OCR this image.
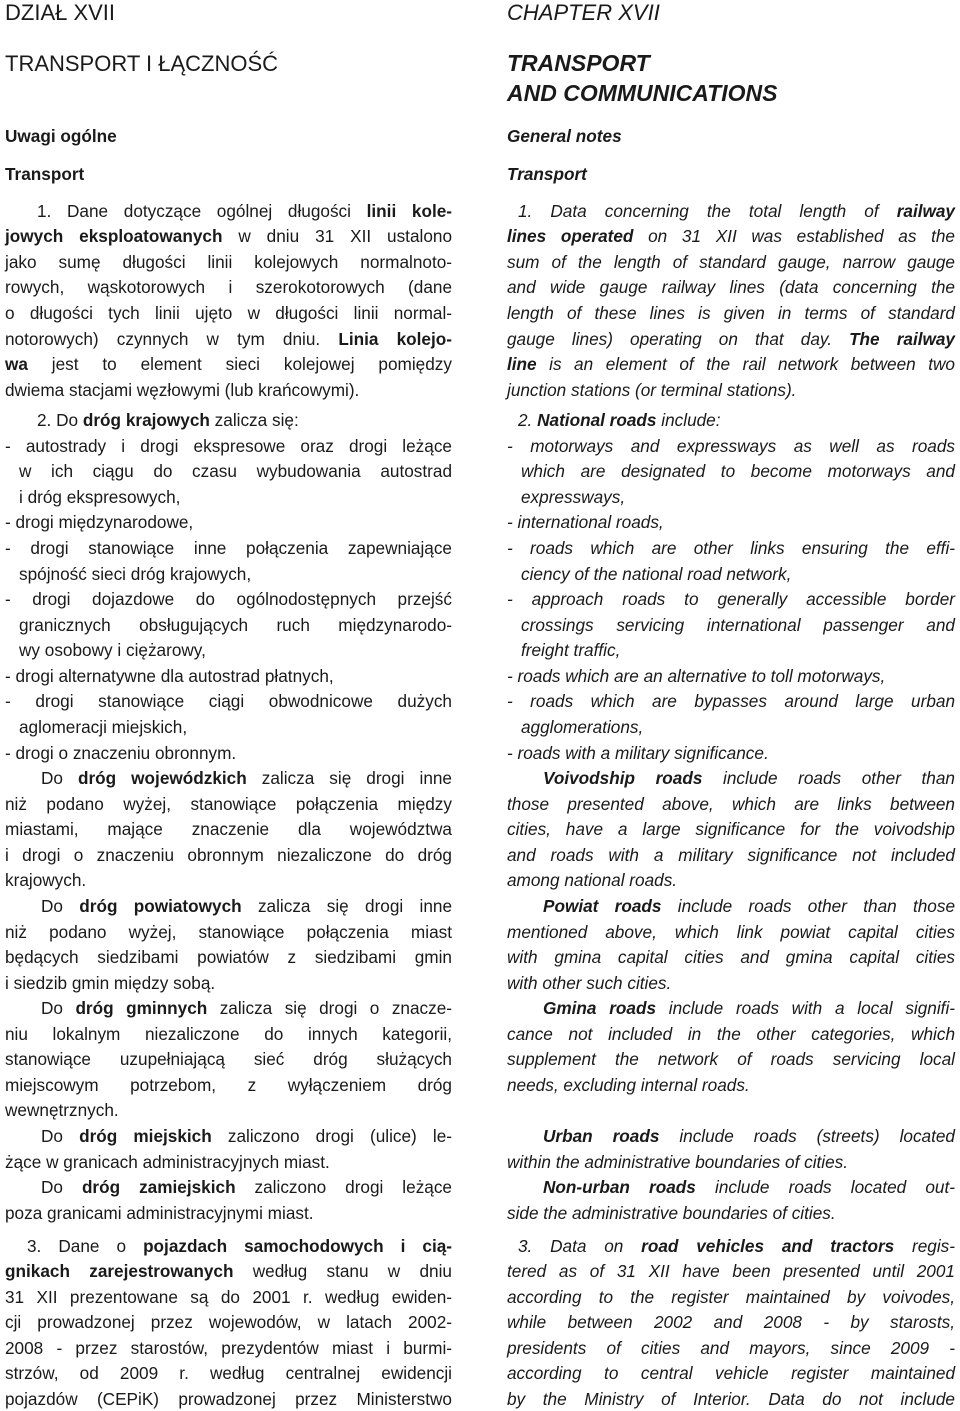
DZIAŁ XVII
TRANSPORT I ŁĄCZNOŚĆ
Uwagi ogólne
Transport
1. Dane dotyczące ogólnej długości linii kole-
jowych eksploatowanych w dniu 31 XII ustalono
jako sumę długości linii kolejowych normalnoto-
rowych, wąskotorowych i szerokotorowych (dane
o długości tych linii ujęto w długości linii normal-
notorowych) czynnych w tym dniu. Linia kolejo-
wa jest to element sieci kolejowej pomiędzy
dwiema stacjami węzłowymi (lub krańcowymi).
2. Do dróg krajowych zalicza się:
- autostrady i drogi ekspresowe oraz drogi leżące
w ich ciągu do czasu wybudowania autostrad
i dróg ekspresowych,
- drogi międzynarodowe,
- drogi stanowiące inne połączenia zapewniające
spójność sieci dróg krajowych,
- drogi dojazdowe do ogólnodostępnych przejść
granicznych obsługujących ruch międzynarodo-
wy osobowy i ciężarowy,
- drogi alternatywne dla autostrad płatnych,
- drogi stanowiące ciągi obwodnicowe dużych
aglomeracji miejskich,
- drogi o znaczeniu obronnym.
Do dróg wojewódzkich zalicza się drogi inne
niż podano wyżej, stanowiące połączenia między
miastami, mające znaczenie dla województwa
i drogi o znaczeniu obronnym niezaliczone do dróg
krajowych.
Do dróg powiatowych zalicza się drogi inne
niż podano wyżej, stanowiące połączenia miast
będących siedzibami powiatów z siedzibami gmin
i siedzib gmin między sobą.
Do dróg gminnych zalicza się drogi o znacze-
niu lokalnym niezaliczone do innych kategorii,
stanowiące uzupełniającą sieć dróg służących
miejscowym potrzebom, z wyłączeniem dróg
wewnętrznych.
Do dróg miejskich zaliczono drogi (ulice) le-
żące w granicach administracyjnych miast.
Do dróg zamiejskich zaliczono drogi leżące
poza granicami administracyjnymi miast.
3. Dane o pojazdach samochodowych i cią-
gnikach zarejestrowanych według stanu w dniu
31 XII prezentowane są do 2001 r. według ewiden-
cji prowadzonej przez wojewodów, w latach 2002-
2008 - przez starostów, prezydentów miast i burmi-
strzów, od 2009 r. według centralnej ewidencji
pojazdów (CEPiK) prowadzonej przez Ministerstwo
CHAPTER XVII
TRANSPORT
AND COMMUNICATIONS
General notes
Transport
1. Data concerning the total length of railway
lines operated on 31 XII was established as the
sum of the length of standard gauge, narrow gauge
and wide gauge railway lines (data concerning the
length of these lines is given in terms of standard
gauge lines) operating on that day. The railway
line is an element of the rail network between two
junction stations (or terminal stations).
2. National roads include:
- motorways and expressways as well as roads
which are designated to become motorways and
expressways,
- international roads,
- roads which are other links ensuring the effi-
ciency of the national road network,
- approach roads to generally accessible border
crossings servicing international passenger and
freight traffic,
- roads which are an alternative to toll motorways,
- roads which are bypasses around large urban
agglomerations,
- roads with a military significance.
Voivodship roads include roads other than
those presented above, which are links between
cities, have a large significance for the voivodship
and roads with a military significance not included
among national roads.
Powiat roads include roads other than those
mentioned above, which link powiat capital cities
with gmina capital cities and gmina capital cities
with other such cities.
Gmina roads include roads with a local signifi-
cance not included in the other categories, which
supplement the network of roads servicing local
needs, excluding internal roads.
Urban roads include roads (streets) located
within the administrative boundaries of cities.
Non-urban roads include roads located out-
side the administrative boundaries of cities.
3. Data on road vehicles and tractors regis-
tered as of 31 XII have been presented until 2001
according to the register maintained by voivodes,
while between 2002 and 2008 - by starosts,
presidents of cities and mayors, since 2009 -
according to central vehicle register maintained
by the Ministry of Interior. Data do not include
